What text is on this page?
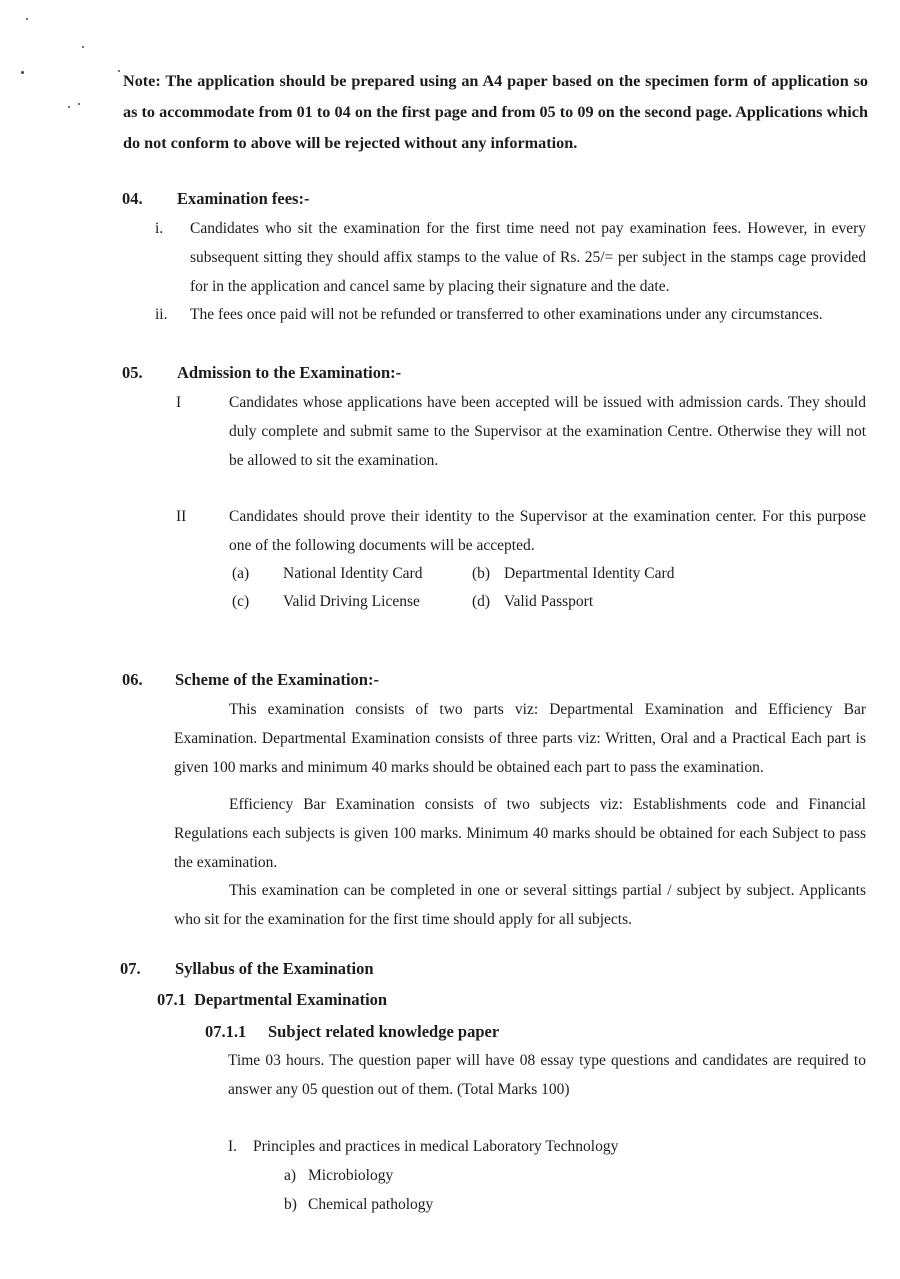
Note: The application should be prepared using an A4 paper based on the specimen form of application so as to accommodate from 01 to 04 on the first page and from 05 to 09 on the second page. Applications which do not conform to above will be rejected without any information.
04. Examination fees:-
i. Candidates who sit the examination for the first time need not pay examination fees. However, in every subsequent sitting they should affix stamps to the value of Rs. 25/= per subject in the stamps cage provided for in the application and cancel same by placing their signature and the date.
ii. The fees once paid will not be refunded or transferred to other examinations under any circumstances.
05. Admission to the Examination:-
I	Candidates whose applications have been accepted will be issued with admission cards. They should duly complete and submit same to the Supervisor at the examination Centre. Otherwise they will not be allowed to sit the examination.
II	Candidates should prove their identity to the Supervisor at the examination center. For this purpose one of the following documents will be accepted.
(a) National Identity Card	(b) Departmental Identity Card
(c) Valid Driving License	(d) Valid Passport
06. Scheme of the Examination:-
This examination consists of two parts viz: Departmental Examination and Efficiency Bar Examination. Departmental Examination consists of three parts viz: Written, Oral and a Practical Each part is given 100 marks and minimum 40 marks should be obtained each part to pass the examination.
Efficiency Bar Examination consists of two subjects viz: Establishments code and Financial Regulations each subjects is given 100 marks. Minimum 40 marks should be obtained for each Subject to pass the examination.
This examination can be completed in one or several sittings partial / subject by subject. Applicants who sit for the examination for the first time should apply for all subjects.
07. Syllabus of the Examination
07.1  Departmental Examination
07.1.1 Subject related knowledge paper
Time 03 hours. The question paper will have 08 essay type questions and candidates are required to answer any 05 question out of them. (Total Marks 100)
I. Principles and practices in medical Laboratory Technology
a) Microbiology
b) Chemical pathology
